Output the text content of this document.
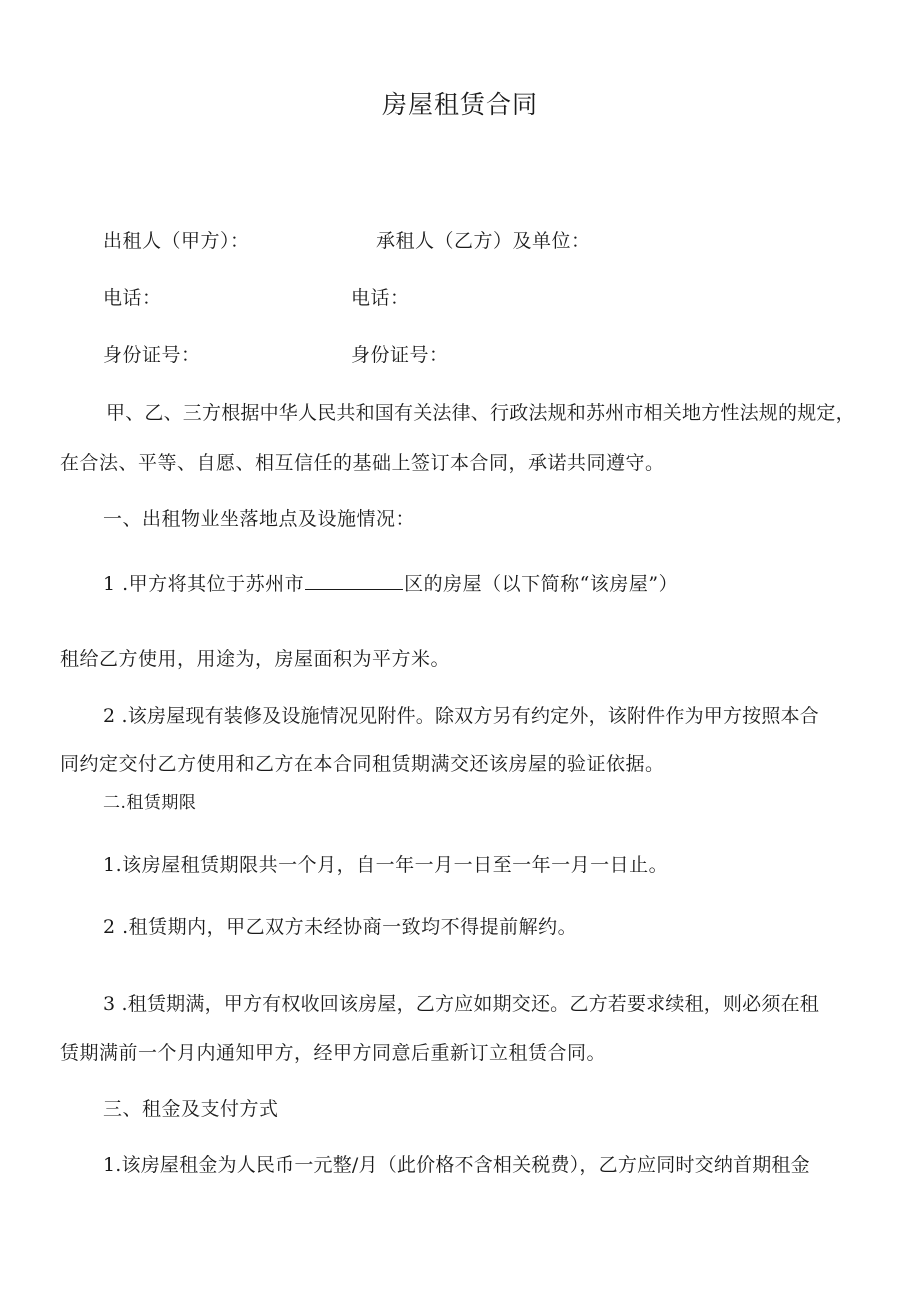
房屋租赁合同
出租人（甲方）：	承租人（乙方）及单位：
电话：	电话：
身份证号：	身份证号：
甲、乙、三方根据中华人民共和国有关法律、行政法规和苏州市相关地方性法规的规定，
在合法、平等、自愿、相互信任的基础上签订本合同，承诺共同遵守。
一、出租物业坐落地点及设施情况：
1 .甲方将其位于苏州市	区的房屋（以下简称“该房屋”）
租给乙方使用，用途为，房屋面积为平方米。
2 .该房屋现有装修及设施情况见附件。除双方另有约定外，该附件作为甲方按照本合
同约定交付乙方使用和乙方在本合同租赁期满交还该房屋的验证依据。
二.租赁期限
1.该房屋租赁期限共一个月，自一年一月一日至一年一月一日止。
2 .租赁期内，甲乙双方未经协商一致均不得提前解约。
3 .租赁期满，甲方有权收回该房屋，乙方应如期交还。乙方若要求续租，则必须在租
赁期满前一个月内通知甲方，经甲方同意后重新订立租赁合同。
三、租金及支付方式
1.该房屋租金为人民币一元整/月（此价格不含相关税费），乙方应同时交纳首期租金
